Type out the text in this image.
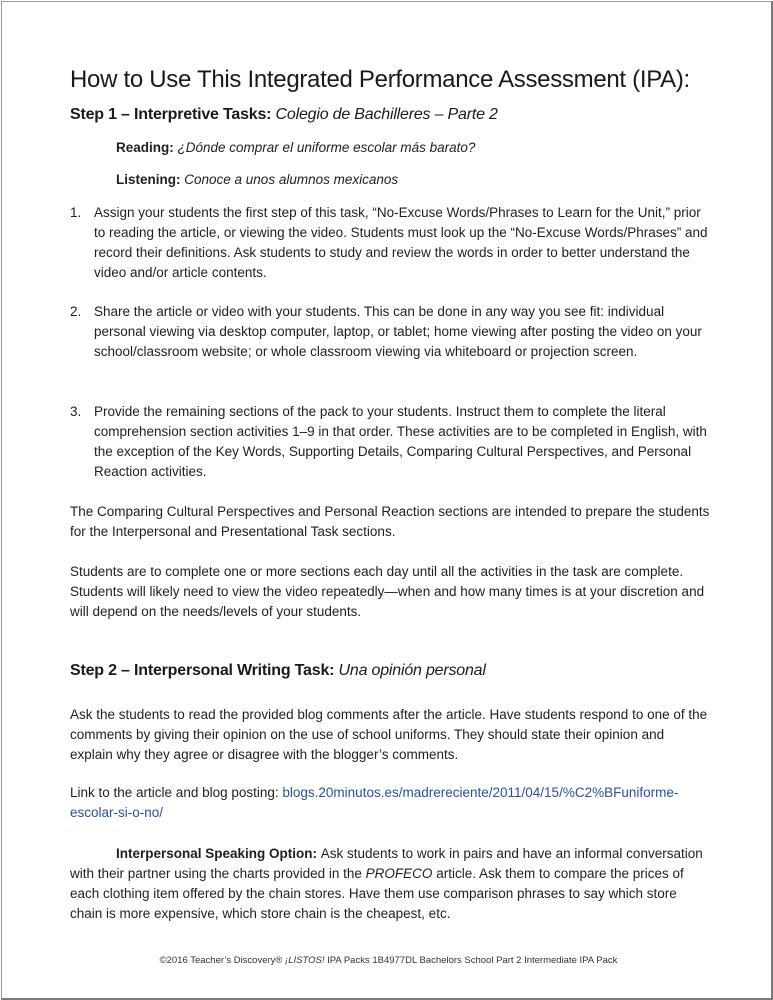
How to Use This Integrated Performance Assessment (IPA):
Step 1 – Interpretive Tasks: Colegio de Bachilleres – Parte 2
Reading: ¿Dónde comprar el uniforme escolar más barato?
Listening: Conoce a unos alumnos mexicanos
1. Assign your students the first step of this task, “No-Excuse Words/Phrases to Learn for the Unit,” prior to reading the article, or viewing the video. Students must look up the “No-Excuse Words/Phrases” and record their definitions. Ask students to study and review the words in order to better understand the video and/or article contents.
2. Share the article or video with your students. This can be done in any way you see fit: individual personal viewing via desktop computer, laptop, or tablet; home viewing after posting the video on your school/classroom website; or whole classroom viewing via whiteboard or projection screen.
3. Provide the remaining sections of the pack to your students. Instruct them to complete the literal comprehension section activities 1–9 in that order. These activities are to be completed in English, with the exception of the Key Words, Supporting Details, Comparing Cultural Perspectives, and Personal Reaction activities.

The Comparing Cultural Perspectives and Personal Reaction sections are intended to prepare the students for the Interpersonal and Presentational Task sections.

Students are to complete one or more sections each day until all the activities in the task are complete. Students will likely need to view the video repeatedly—when and how many times is at your discretion and will depend on the needs/levels of your students.

Step 2 – Interpersonal Writing Task: Una opinión personal

Ask the students to read the provided blog comments after the article. Have students respond to one of the comments by giving their opinion on the use of school uniforms. They should state their opinion and explain why they agree or disagree with the blogger’s comments.

Link to the article and blog posting: blogs.20minutos.es/madrereciente/2011/04/15/%C2%BFuniforme-escolar-si-o-no/

Interpersonal Speaking Option: Ask students to work in pairs and have an informal conversation with their partner using the charts provided in the PROFECO article. Ask them to compare the prices of each clothing item offered by the chain stores. Have them use comparison phrases to say which store chain is more expensive, which store chain is the cheapest, etc.

©2016 Teacher’s Discovery® ¡LISTOS! IPA Packs 1B4977DL Bachelors School Part 2 Intermediate IPA Pack
